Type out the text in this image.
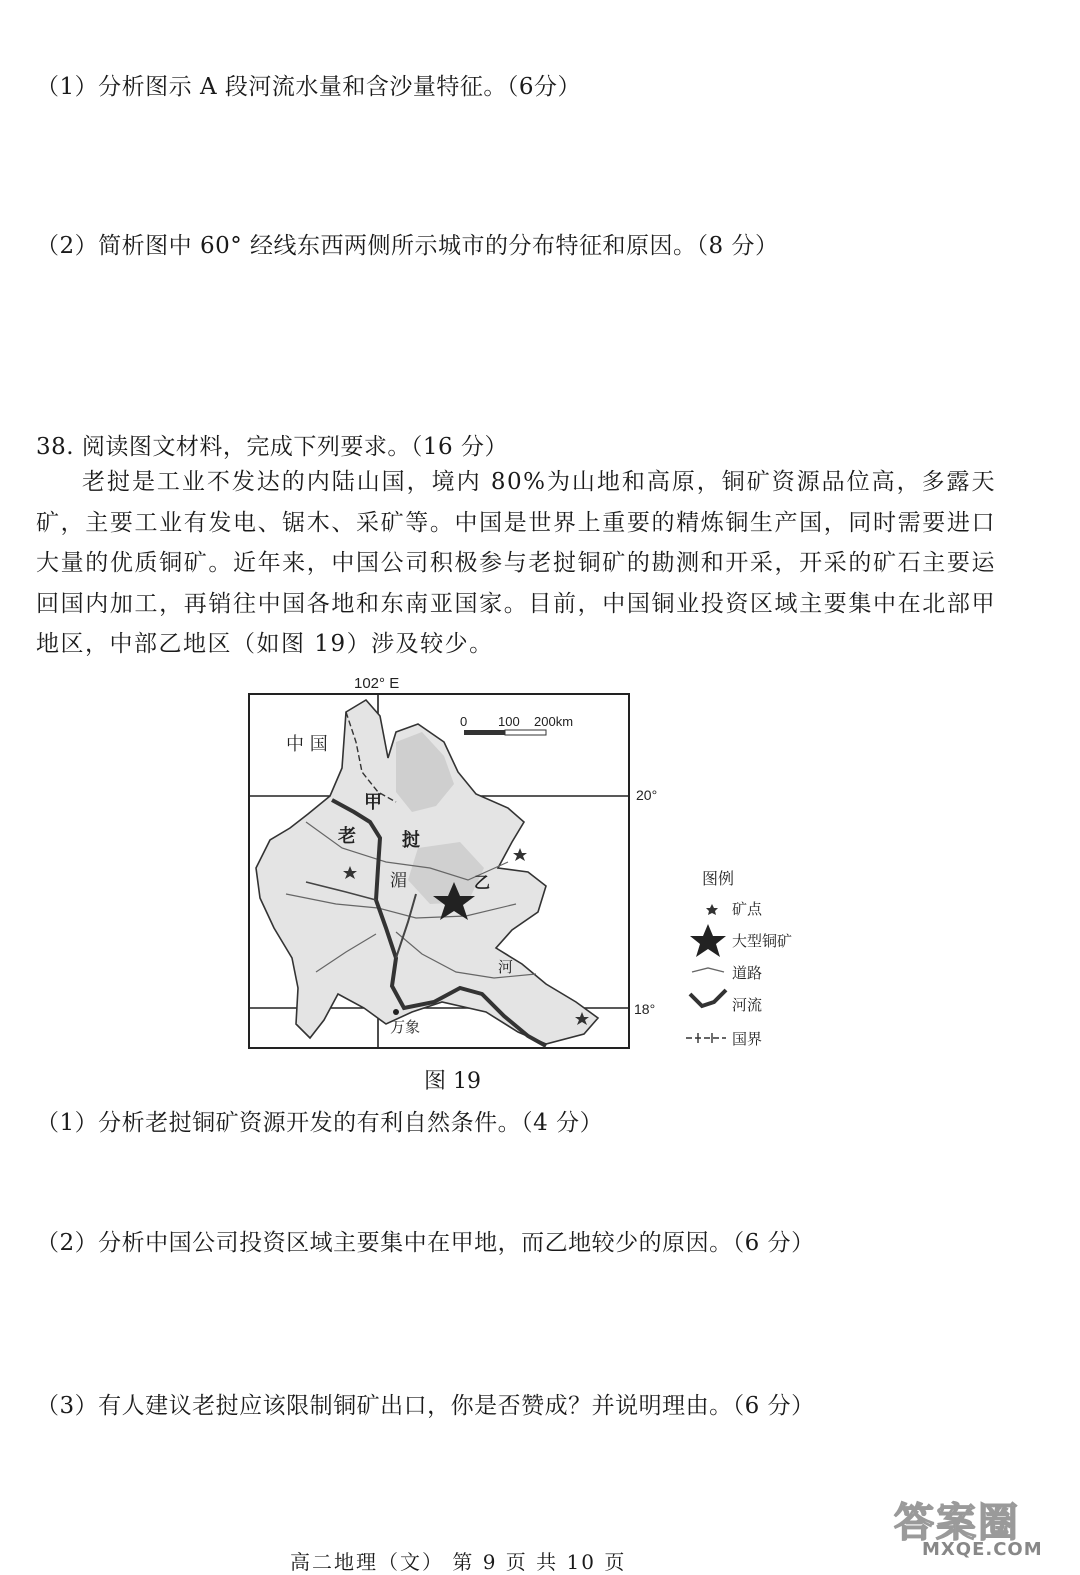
（1）分析图示 A 段河流水量和含沙量特征。（6分）
（2）简析图中 60° 经线东西两侧所示城市的分布特征和原因。（8 分）
38. 阅读图文材料，完成下列要求。（16 分）
老挝是工业不发达的内陆山国，境内 80%为山地和高原，铜矿资源品位高，多露天矿，主要工业有发电、锯木、采矿等。中国是世界上重要的精炼铜生产国，同时需要进口大量的优质铜矿。近年来，中国公司积极参与老挝铜矿的勘测和开采，开采的矿石主要运回国内加工，再销往中国各地和东南亚国家。目前，中国铜业投资区域主要集中在北部甲地区，中部乙地区（如图 19）涉及较少。
102° E
20°
18°
0 100 200km
中 国
甲
老	挝
湄
河
乙
万象
图例
矿点
大型铜矿
道路
河流
国界
图 19
（1）分析老挝铜矿资源开发的有利自然条件。（4 分）
（2）分析中国公司投资区域主要集中在甲地，而乙地较少的原因。（6 分）
（3）有人建议老挝应该限制铜矿出口，你是否赞成？并说明理由。（6 分）
高二地理（文） 第 9 页 共 10 页
答案圈
MXQE.COM
